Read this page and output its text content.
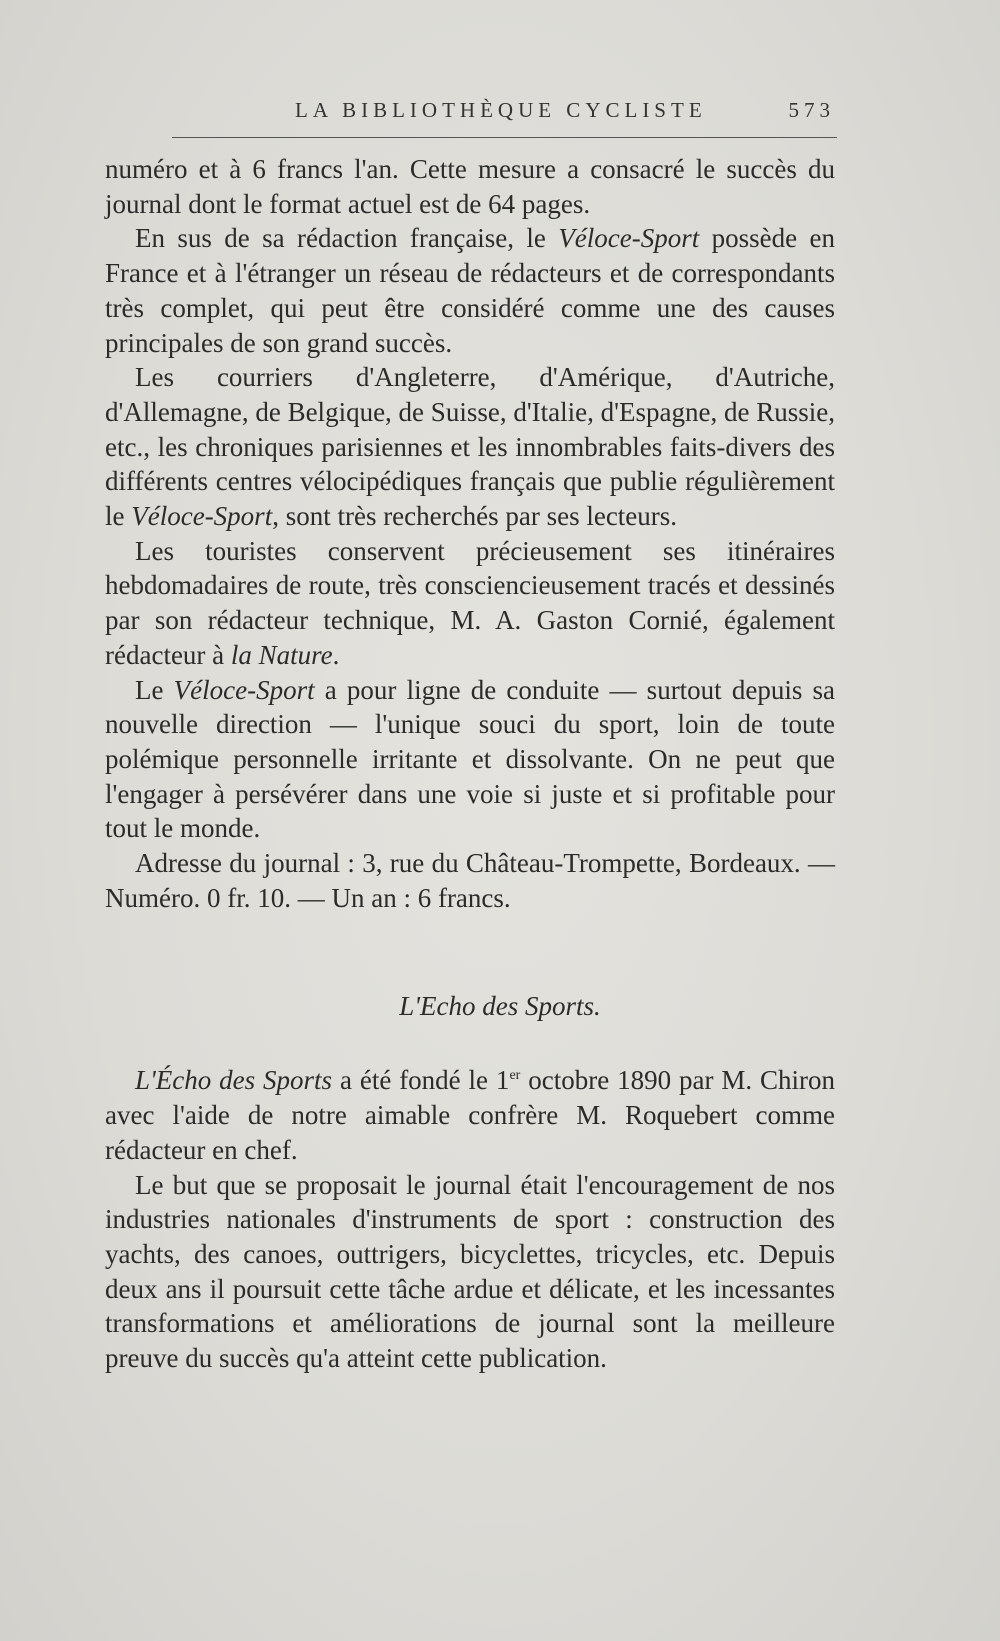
LA BIBLIOTHÈQUE CYCLISTE	573

numéro et à 6 francs l'an. Cette mesure a consacré le succès du journal dont le format actuel est de 64 pages.

En sus de sa rédaction française, le Véloce-Sport possède en France et à l'étranger un réseau de rédacteurs et de correspondants très complet, qui peut être considéré comme une des causes principales de son grand succès.

Les courriers d'Angleterre, d'Amérique, d'Autriche, d'Allemagne, de Belgique, de Suisse, d'Italie, d'Espagne, de Russie, etc., les chroniques parisiennes et les innombrables faits-divers des différents centres vélocipédiques français que publie régulièrement le Véloce-Sport, sont très recherchés par ses lecteurs.

Les touristes conservent précieusement ses itinéraires hebdomadaires de route, très consciencieusement tracés et dessinés par son rédacteur technique, M. A. Gaston Cornié, également rédacteur à la Nature.

Le Véloce-Sport a pour ligne de conduite — surtout depuis sa nouvelle direction — l'unique souci du sport, loin de toute polémique personnelle irritante et dissolvante. On ne peut que l'engager à persévérer dans une voie si juste et si profitable pour tout le monde.

Adresse du journal : 3, rue du Château-Trompette, Bordeaux. — Numéro. 0 fr. 10. — Un an : 6 francs.

L'Echo des Sports.

L'Écho des Sports a été fondé le 1er octobre 1890 par M. Chiron avec l'aide de notre aimable confrère M. Roquebert comme rédacteur en chef.

Le but que se proposait le journal était l'encouragement de nos industries nationales d'instruments de sport : construction des yachts, des canoes, outtrigers, bicyclettes, tricycles, etc. Depuis deux ans il poursuit cette tâche ardue et délicate, et les incessantes transformations et améliorations de journal sont la meilleure preuve du succès qu'a atteint cette publication.
